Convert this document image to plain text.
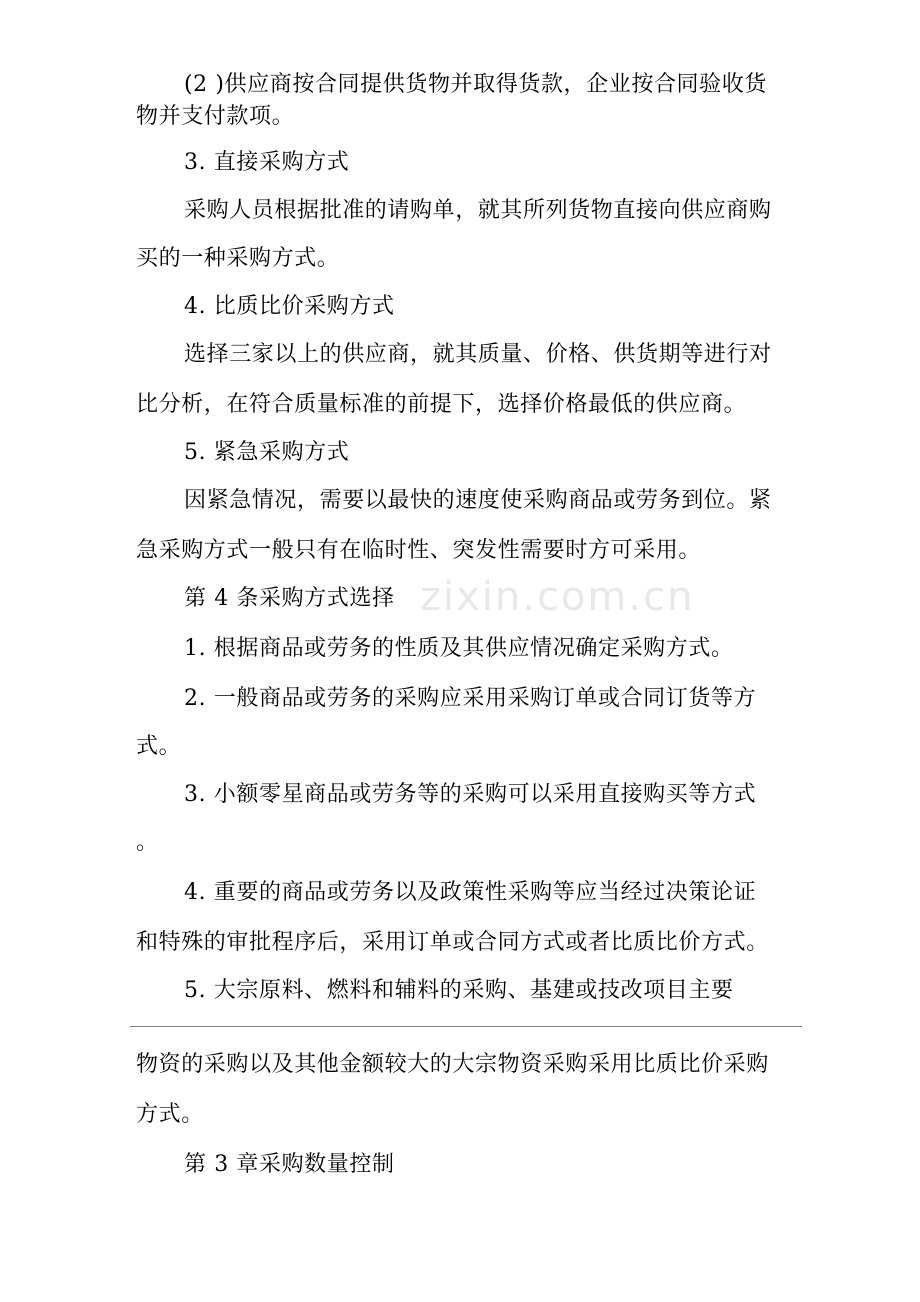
zixin.com.cn
(2 )供应商按合同提供货物并取得货款，企业按合同验收货
物并支付款项。
3. 直接采购方式
采购人员根据批准的请购单，就其所列货物直接向供应商购
买的一种采购方式。
4. 比质比价采购方式
选择三家以上的供应商，就其质量、价格、供货期等进行对
比分析，在符合质量标准的前提下，选择价格最低的供应商。
5. 紧急采购方式
因紧急情况，需要以最快的速度使采购商品或劳务到位。紧
急采购方式一般只有在临时性、突发性需要时方可采用。
第 4 条采购方式选择
1. 根据商品或劳务的性质及其供应情况确定采购方式。
2. 一般商品或劳务的采购应采用采购订单或合同订货等方
式。
3. 小额零星商品或劳务等的采购可以采用直接购买等方式
。
4. 重要的商品或劳务以及政策性采购等应当经过决策论证
和特殊的审批程序后，采用订单或合同方式或者比质比价方式。
5. 大宗原料、燃料和辅料的采购、基建或技改项目主要
物资的采购以及其他金额较大的大宗物资采购采用比质比价采购
方式。
第 3 章采购数量控制
